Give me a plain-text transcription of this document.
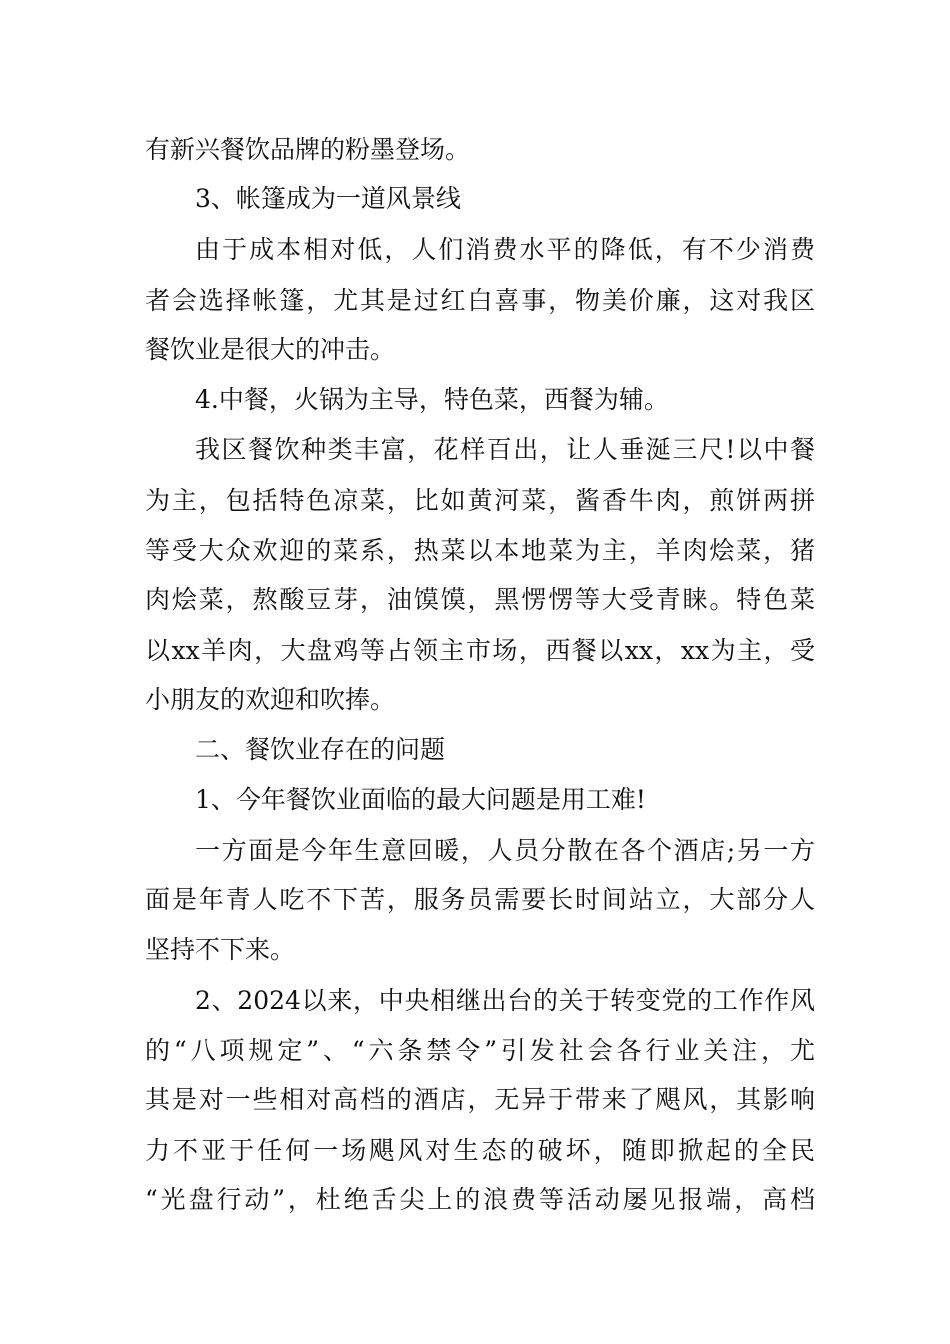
有新兴餐饮品牌的粉墨登场。
3、帐篷成为一道风景线
由于成本相对低，人们消费水平的降低，有不少消费
者会选择帐篷，尤其是过红白喜事，物美价廉，这对我区
餐饮业是很大的冲击。
4.中餐，火锅为主导，特色菜，西餐为辅。
我区餐饮种类丰富，花样百出，让人垂涎三尺!以中餐
为主，包括特色凉菜，比如黄河菜，酱香牛肉，煎饼两拼
等受大众欢迎的菜系，热菜以本地菜为主，羊肉烩菜，猪
肉烩菜，熬酸豆芽，油馍馍，黑愣愣等大受青睐。特色菜
以xx羊肉，大盘鸡等占领主市场，西餐以xx，xx为主，受
小朋友的欢迎和吹捧。
二、餐饮业存在的问题
1、今年餐饮业面临的最大问题是用工难!
一方面是今年生意回暖，人员分散在各个酒店;另一方
面是年青人吃不下苦，服务员需要长时间站立，大部分人
坚持不下来。
2、2024以来，中央相继出台的关于转变党的工作作风
的“八项规定”、“六条禁令”引发社会各行业关注，尤
其是对一些相对高档的酒店，无异于带来了飓风，其影响
力不亚于任何一场飓风对生态的破坏，随即掀起的全民
“光盘行动”，杜绝舌尖上的浪费等活动屡见报端，高档
